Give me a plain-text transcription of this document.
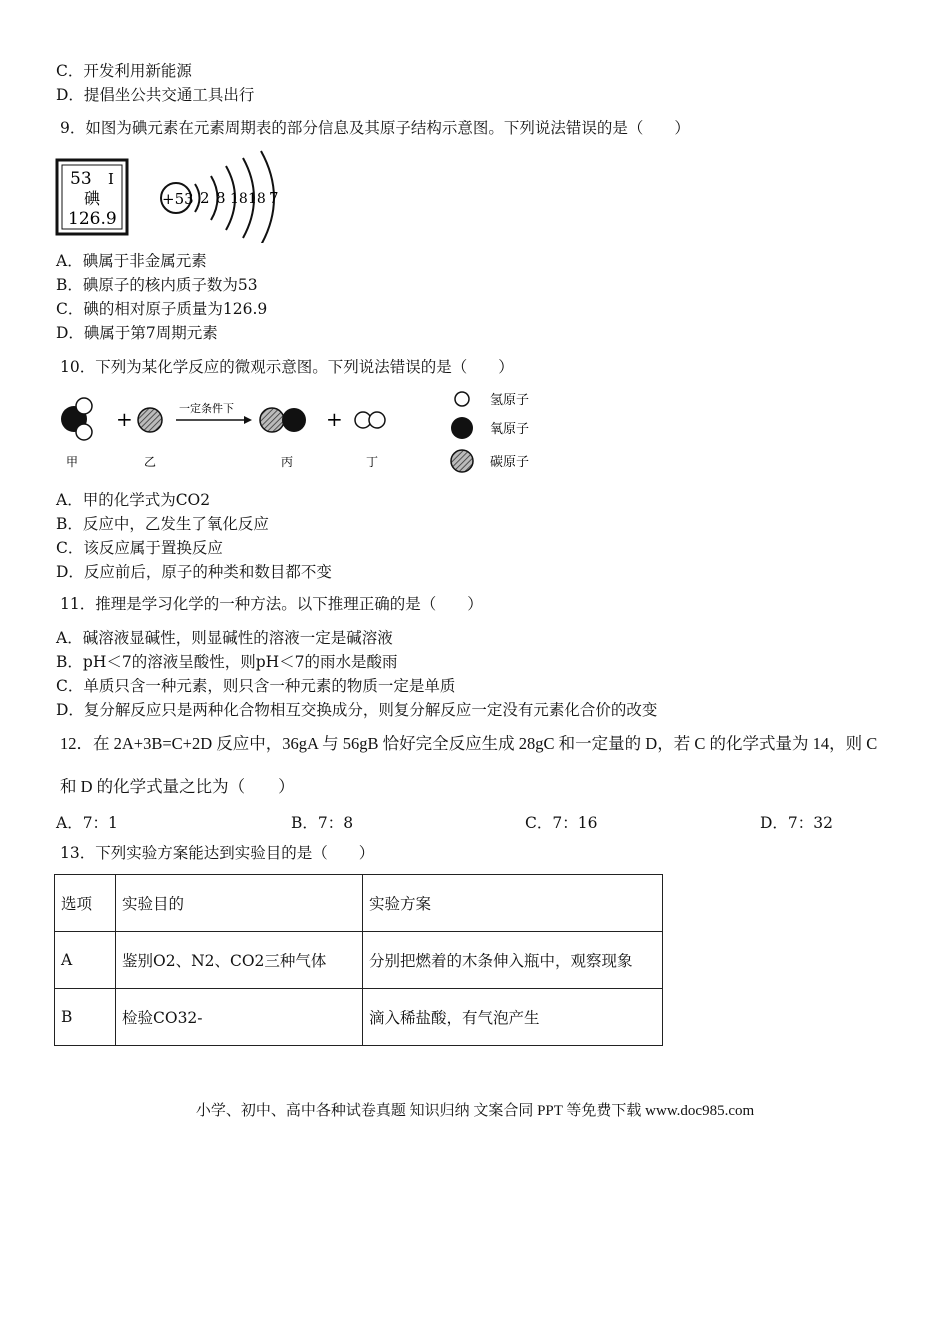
C．开发利用新能源
D．提倡坐公共交通工具出行
9．如图为碘元素在元素周期表的部分信息及其原子结构示意图。下列说法错误的是（　　）
53 I
碘
126.9
+53 2 8 18 18 7
A．碘属于非金属元素
B．碘原子的核内质子数为53
C．碘的相对原子质量为126.9
D．碘属于第7周期元素
10．下列为某化学反应的微观示意图。下列说法错误的是（　　）
+	一定条件下	+
甲	乙	丙	丁
氢原子
氧原子
碳原子
A．甲的化学式为CO2
B．反应中，乙发生了氧化反应
C．该反应属于置换反应
D．反应前后，原子的种类和数目都不变
11．推理是学习化学的一种方法。以下推理正确的是（　　）
A．碱溶液显碱性，则显碱性的溶液一定是碱溶液
B．pH＜7的溶液呈酸性，则pH＜7的雨水是酸雨
C．单质只含一种元素，则只含一种元素的物质一定是单质
D．复分解反应只是两种化合物相互交换成分，则复分解反应一定没有元素化合价的改变
12．在 2A+3B=C+2D 反应中，36gA 与 56gB 恰好完全反应生成 28gC 和一定量的 D，若 C 的化学式量为 14，则 C
和 D 的化学式量之比为（　　）
A．7：1	B．7：8	C．7：16	D．7：32
13．下列实验方案能达到实验目的是（　　）
选项	实验目的	实验方案
A	鉴别O2、N2、CO2三种气体	分别把燃着的木条伸入瓶中，观察现象
B	检验CO32-	滴入稀盐酸，有气泡产生
小学、初中、高中各种试卷真题 知识归纳 文案合同 PPT 等免费下载 www.doc985.com
